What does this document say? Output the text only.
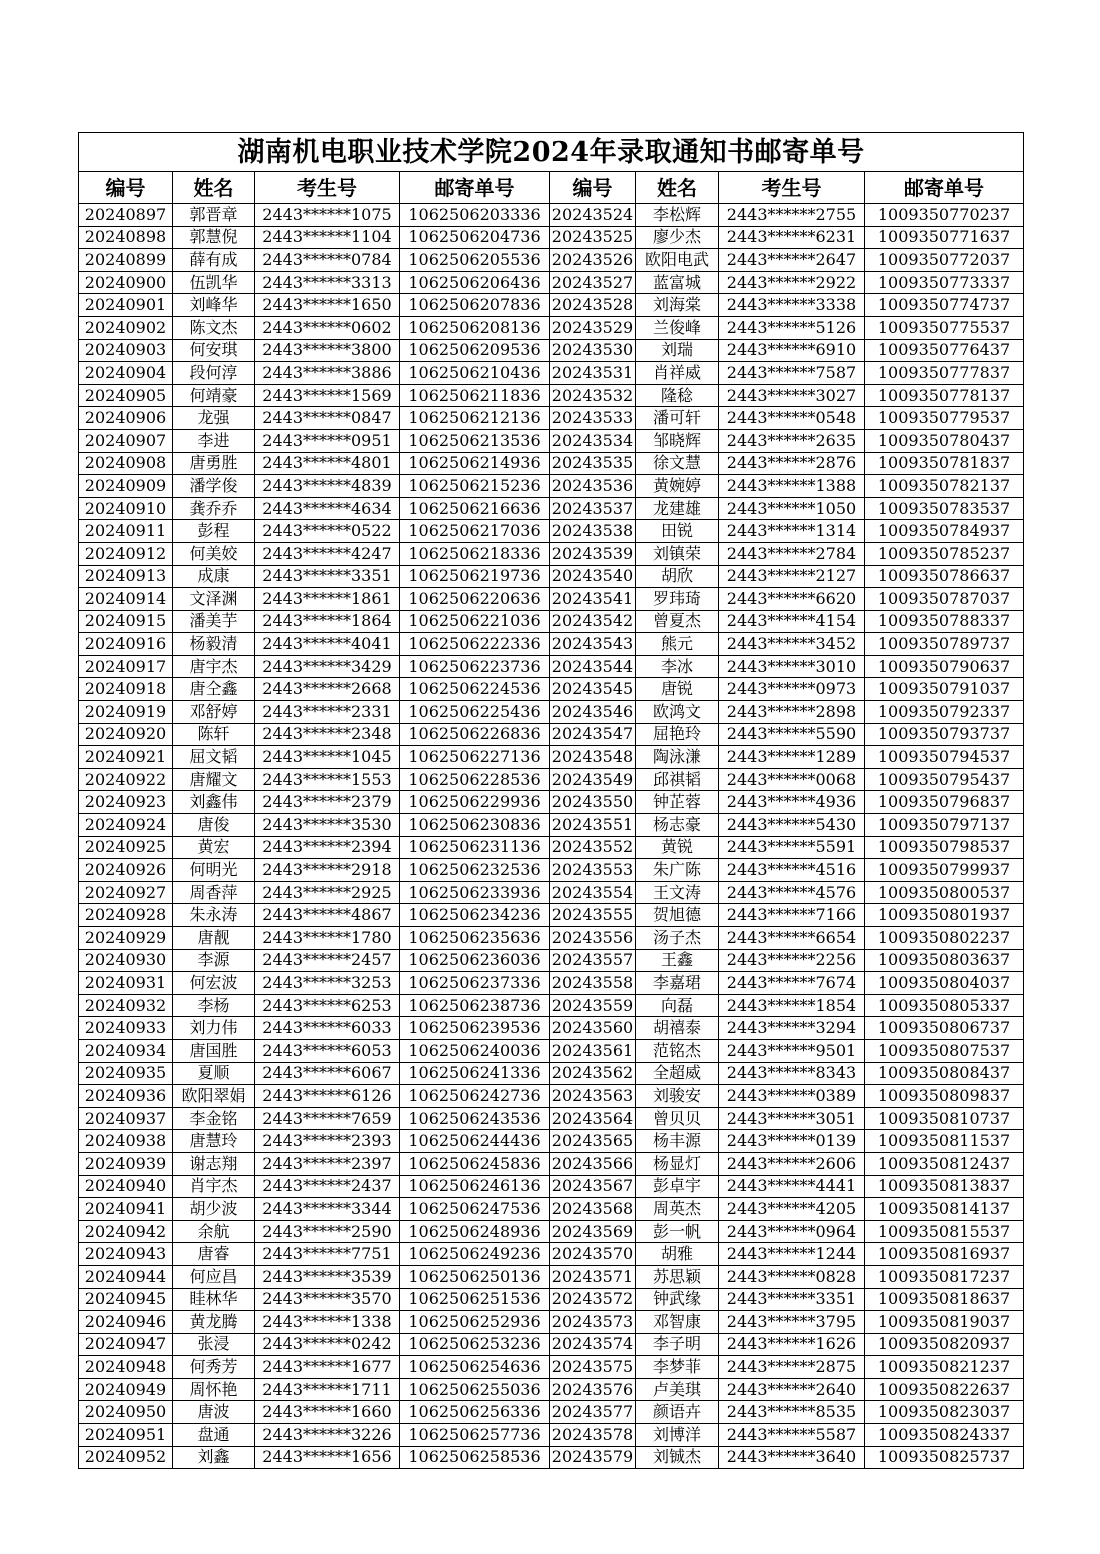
湖南机电职业技术学院2024年录取通知书邮寄单号							
编号	姓名	考生号	邮寄单号	编号	姓名	考生号	邮寄单号
20240897	郭晋章	2443******1075	1062506203336	20243524	李松辉	2443******2755	1009350770237
20240898	郭慧倪	2443******1104	1062506204736	20243525	廖少杰	2443******6231	1009350771637
20240899	薛有成	2443******0784	1062506205536	20243526	欧阳电武	2443******2647	1009350772037
20240900	伍凯华	2443******3313	1062506206436	20243527	蓝富城	2443******2922	1009350773337
20240901	刘峰华	2443******1650	1062506207836	20243528	刘海棠	2443******3338	1009350774737
20240902	陈文杰	2443******0602	1062506208136	20243529	兰俊峰	2443******5126	1009350775537
20240903	何安琪	2443******3800	1062506209536	20243530	刘瑞	2443******6910	1009350776437
20240904	段何淳	2443******3886	1062506210436	20243531	肖祥威	2443******7587	1009350777837
20240905	何靖豪	2443******1569	1062506211836	20243532	隆稔	2443******3027	1009350778137
20240906	龙强	2443******0847	1062506212136	20243533	潘可轩	2443******0548	1009350779537
20240907	李进	2443******0951	1062506213536	20243534	邹晓辉	2443******2635	1009350780437
20240908	唐勇胜	2443******4801	1062506214936	20243535	徐文慧	2443******2876	1009350781837
20240909	潘学俊	2443******4839	1062506215236	20243536	黄婉婷	2443******1388	1009350782137
20240910	龚乔乔	2443******4634	1062506216636	20243537	龙建雄	2443******1050	1009350783537
20240911	彭程	2443******0522	1062506217036	20243538	田锐	2443******1314	1009350784937
20240912	何美姣	2443******4247	1062506218336	20243539	刘镇荣	2443******2784	1009350785237
20240913	成康	2443******3351	1062506219736	20243540	胡欣	2443******2127	1009350786637
20240914	文泽渊	2443******1861	1062506220636	20243541	罗玮琦	2443******6620	1009350787037
20240915	潘美芋	2443******1864	1062506221036	20243542	曾夏杰	2443******4154	1009350788337
20240916	杨毅清	2443******4041	1062506222336	20243543	熊元	2443******3452	1009350789737
20240917	唐宇杰	2443******3429	1062506223736	20243544	李冰	2443******3010	1009350790637
20240918	唐仝鑫	2443******2668	1062506224536	20243545	唐锐	2443******0973	1009350791037
20240919	邓舒婷	2443******2331	1062506225436	20243546	欧鸿文	2443******2898	1009350792337
20240920	陈轩	2443******2348	1062506226836	20243547	屈艳玲	2443******5590	1009350793737
20240921	屈文韬	2443******1045	1062506227136	20243548	陶泳溓	2443******1289	1009350794537
20240922	唐耀文	2443******1553	1062506228536	20243549	邱祺韬	2443******0068	1009350795437
20240923	刘鑫伟	2443******2379	1062506229936	20243550	钟芷蓉	2443******4936	1009350796837
20240924	唐俊	2443******3530	1062506230836	20243551	杨志豪	2443******5430	1009350797137
20240925	黄宏	2443******2394	1062506231136	20243552	黄锐	2443******5591	1009350798537
20240926	何明光	2443******2918	1062506232536	20243553	朱广陈	2443******4516	1009350799937
20240927	周香萍	2443******2925	1062506233936	20243554	王文涛	2443******4576	1009350800537
20240928	朱永涛	2443******4867	1062506234236	20243555	贺旭德	2443******7166	1009350801937
20240929	唐靓	2443******1780	1062506235636	20243556	汤子杰	2443******6654	1009350802237
20240930	李源	2443******2457	1062506236036	20243557	王鑫	2443******2256	1009350803637
20240931	何宏波	2443******3253	1062506237336	20243558	李嘉珺	2443******7674	1009350804037
20240932	李杨	2443******6253	1062506238736	20243559	向磊	2443******1854	1009350805337
20240933	刘力伟	2443******6033	1062506239536	20243560	胡禧泰	2443******3294	1009350806737
20240934	唐国胜	2443******6053	1062506240036	20243561	范铭杰	2443******9501	1009350807537
20240935	夏顺	2443******6067	1062506241336	20243562	全超威	2443******8343	1009350808437
20240936	欧阳翠娟	2443******6126	1062506242736	20243563	刘骏安	2443******0389	1009350809837
20240937	李金铭	2443******7659	1062506243536	20243564	曾贝贝	2443******3051	1009350810737
20240938	唐慧玲	2443******2393	1062506244436	20243565	杨丰源	2443******0139	1009350811537
20240939	谢志翔	2443******2397	1062506245836	20243566	杨显灯	2443******2606	1009350812437
20240940	肖宇杰	2443******2437	1062506246136	20243567	彭卓宇	2443******4441	1009350813837
20240941	胡少波	2443******3344	1062506247536	20243568	周英杰	2443******4205	1009350814137
20240942	余航	2443******2590	1062506248936	20243569	彭一帆	2443******0964	1009350815537
20240943	唐睿	2443******7751	1062506249236	20243570	胡雅	2443******1244	1009350816937
20240944	何应昌	2443******3539	1062506250136	20243571	苏思颖	2443******0828	1009350817237
20240945	眭林华	2443******3570	1062506251536	20243572	钟武缘	2443******3351	1009350818637
20240946	黄龙腾	2443******1338	1062506252936	20243573	邓智康	2443******3795	1009350819037
20240947	张浸	2443******0242	1062506253236	20243574	李子明	2443******1626	1009350820937
20240948	何秀芳	2443******1677	1062506254636	20243575	李梦菲	2443******2875	1009350821237
20240949	周怀艳	2443******1711	1062506255036	20243576	卢美琪	2443******2640	1009350822637
20240950	唐波	2443******1660	1062506256336	20243577	颜语卉	2443******8535	1009350823037
20240951	盘通	2443******3226	1062506257736	20243578	刘博洋	2443******5587	1009350824337
20240952	刘鑫	2443******1656	1062506258536	20243579	刘铖杰	2443******3640	1009350825737
